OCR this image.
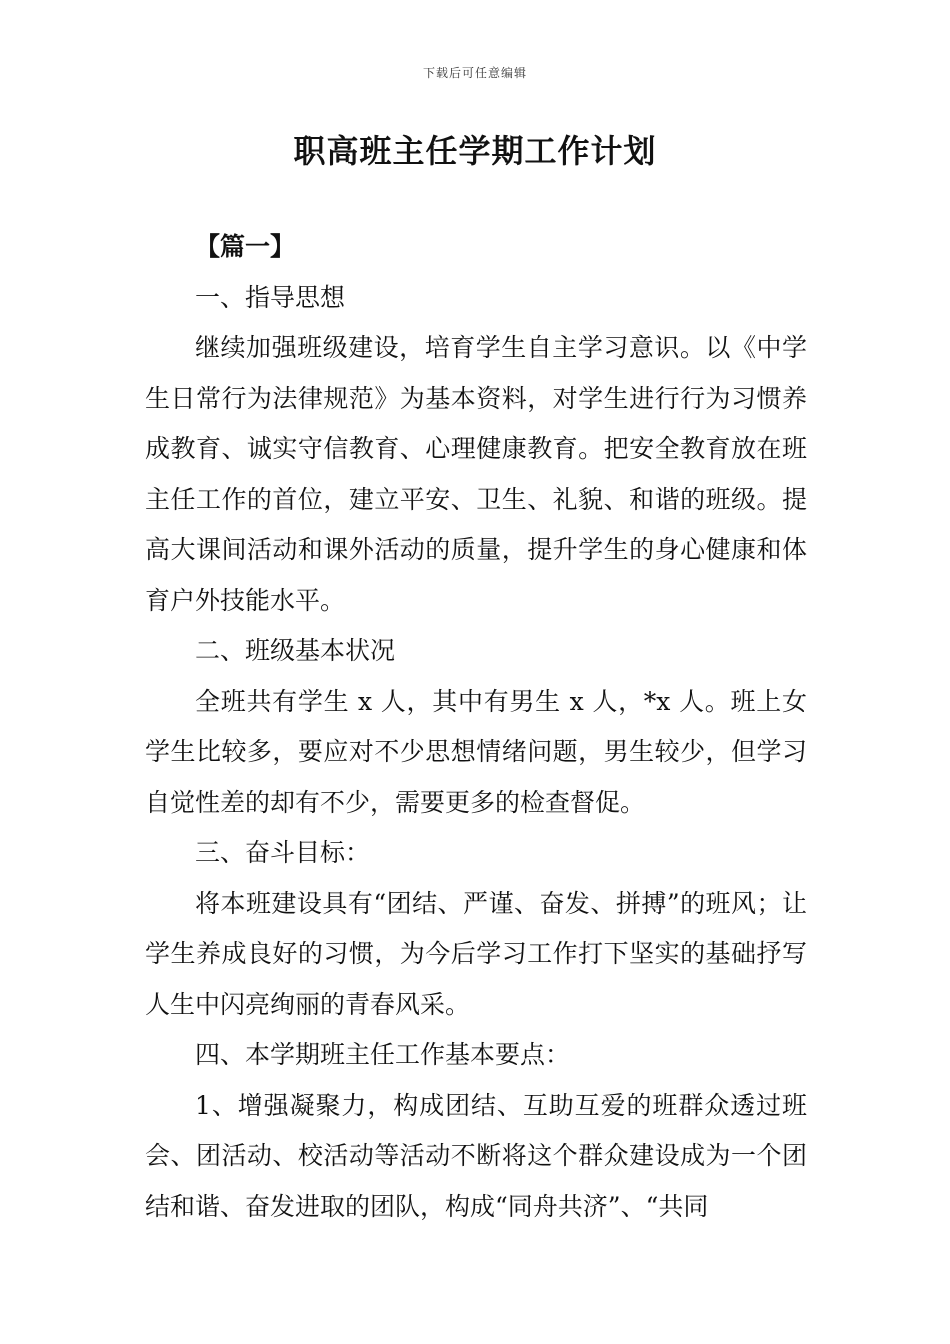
下载后可任意编辑
职高班主任学期工作计划

【篇一】

一、指导思想

继续加强班级建设，培育学生自主学习意识。以《中学生日常行为法律规范》为基本资料，对学生进行行为习惯养成教育、诚实守信教育、心理健康教育。把安全教育放在班主任工作的首位，建立平安、卫生、礼貌、和谐的班级。提高大课间活动和课外活动的质量，提升学生的身心健康和体育户外技能水平。

二、班级基本状况

全班共有学生 x 人，其中有男生 x 人，*x 人。班上女学生比较多，要应对不少思想情绪问题，男生较少，但学习自觉性差的却有不少，需要更多的检查督促。

三、奋斗目标：

将本班建设具有“团结、严谨、奋发、拼搏”的班风；让学生养成良好的习惯，为今后学习工作打下坚实的基础抒写人生中闪亮绚丽的青春风采。

四、本学期班主任工作基本要点：

1、增强凝聚力，构成团结、互助互爱的班群众透过班会、团活动、校活动等活动不断将这个群众建设成为一个团结和谐、奋发进取的团队，构成“同舟共济”、“共同
